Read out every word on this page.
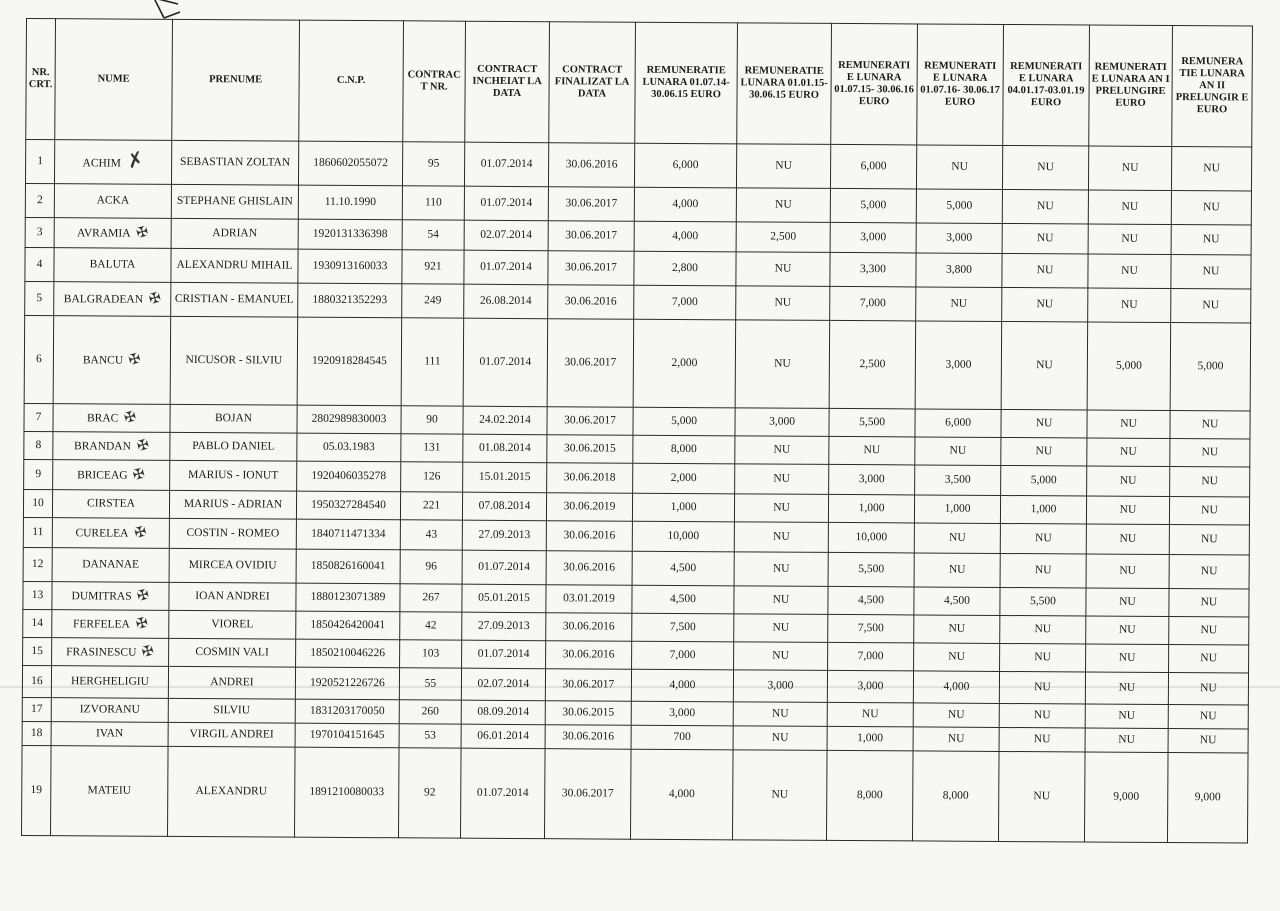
NR. CRT.	NUME	PRENUME	C.N.P.	CONTRAC T NR.	CONTRACT INCHEIAT LA DATA	CONTRACT FINALIZAT LA DATA	REMUNERATIE LUNARA 01.07.14-30.06.15 EURO	REMUNERATIE LUNARA 01.01.15-30.06.15 EURO	REMUNERATI E LUNARA 01.07.15- 30.06.16 EURO	REMUNERATI E LUNARA 01.07.16- 30.06.17 EURO	REMUNERATI E LUNARA 04.01.17-03.01.19 EURO	REMUNERATI E LUNARA AN I PRELUNGIRE EURO	REMUNERA TIE LUNARA AN II PRELUNGIR E EURO
1	ACHIM ✗	SEBASTIAN ZOLTAN	1860602055072	95	01.07.2014	30.06.2016	6,000	NU	6,000	NU	NU	NU	NU
2	ACKA	STEPHANE GHISLAIN	11.10.1990	110	01.07.2014	30.06.2017	4,000	NU	5,000	5,000	NU	NU	NU
3	AVRAMIA ✠	ADRIAN	1920131336398	54	02.07.2014	30.06.2017	4,000	2,500	3,000	3,000	NU	NU	NU
4	BALUTA	ALEXANDRU MIHAIL	1930913160033	921	01.07.2014	30.06.2017	2,800	NU	3,300	3,800	NU	NU	NU
5	BALGRADEAN ✠	CRISTIAN - EMANUEL	1880321352293	249	26.08.2014	30.06.2016	7,000	NU	7,000	NU	NU	NU	NU
6	BANCU ✠	NICUSOR - SILVIU	1920918284545	111	01.07.2014	30.06.2017	2,000	NU	2,500	3,000	NU	5,000	5,000
7	BRAC ✠	BOJAN	2802989830003	90	24.02.2014	30.06.2017	5,000	3,000	5,500	6,000	NU	NU	NU
8	BRANDAN ✠	PABLO DANIEL	05.03.1983	131	01.08.2014	30.06.2015	8,000	NU	NU	NU	NU	NU	NU
9	BRICEAG ✠	MARIUS - IONUT	1920406035278	126	15.01.2015	30.06.2018	2,000	NU	3,000	3,500	5,000	NU	NU
10	CIRSTEA	MARIUS - ADRIAN	1950327284540	221	07.08.2014	30.06.2019	1,000	NU	1,000	1,000	1,000	NU	NU
11	CURELEA ✠	COSTIN - ROMEO	1840711471334	43	27.09.2013	30.06.2016	10,000	NU	10,000	NU	NU	NU	NU
12	DANANAE	MIRCEA OVIDIU	1850826160041	96	01.07.2014	30.06.2016	4,500	NU	5,500	NU	NU	NU	NU
13	DUMITRAS ✠	IOAN ANDREI	1880123071389	267	05.01.2015	03.01.2019	4,500	NU	4,500	4,500	5,500	NU	NU
14	FERFELEA ✠	VIOREL	1850426420041	42	27.09.2013	30.06.2016	7,500	NU	7,500	NU	NU	NU	NU
15	FRASINESCU ✠	COSMIN VALI	1850210046226	103	01.07.2014	30.06.2016	7,000	NU	7,000	NU	NU	NU	NU
16	HERGHELIGIU	ANDREI	1920521226726	55	02.07.2014	30.06.2017	4,000	3,000	3,000	4,000	NU	NU	NU
17	IZVORANU	SILVIU	1831203170050	260	08.09.2014	30.06.2015	3,000	NU	NU	NU	NU	NU	NU
18	IVAN	VIRGIL ANDREI	1970104151645	53	06.01.2014	30.06.2016	700	NU	1,000	NU	NU	NU	NU
19	MATEIU	ALEXANDRU	1891210080033	92	01.07.2014	30.06.2017	4,000	NU	8,000	8,000	NU	9,000	9,000
